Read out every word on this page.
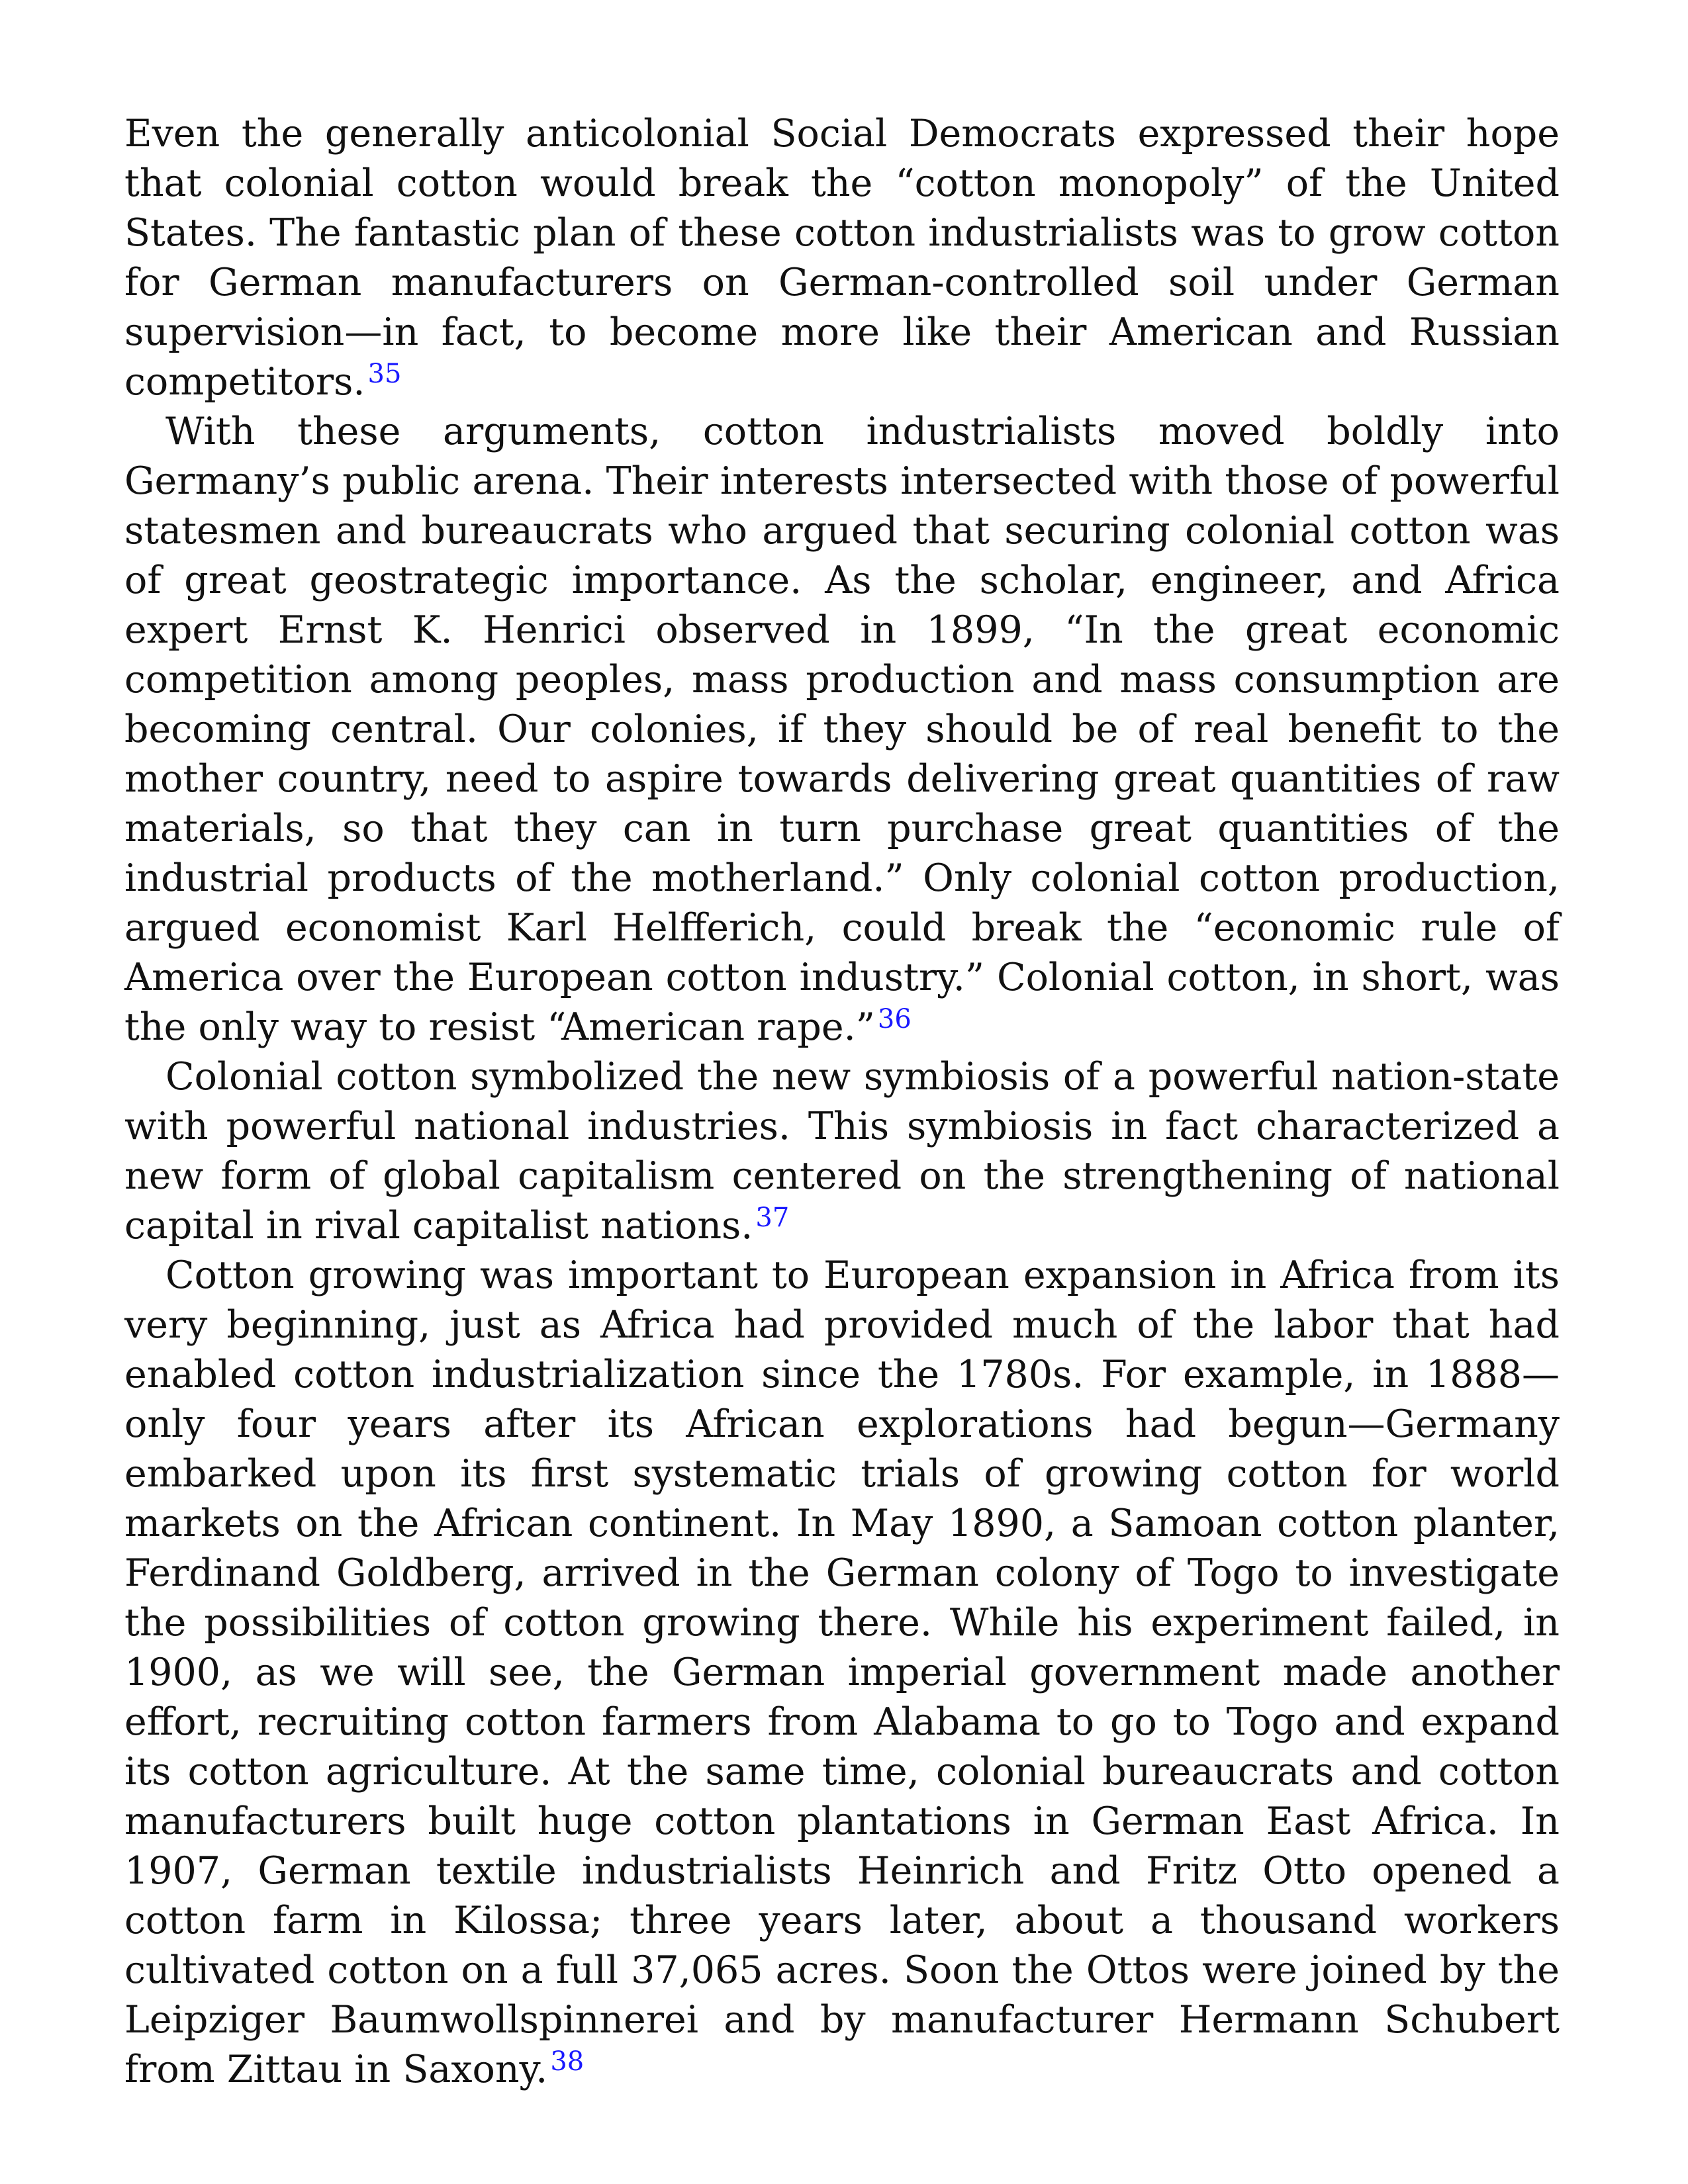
Even the generally anticolonial Social Democrats expressed their hope that colonial cotton would break the “cotton monopoly” of the United States. The fantastic plan of these cotton industrialists was to grow cotton for German manufacturers on German-controlled soil under German supervision—in fact, to become more like their American and Russian competitors. $^{35}$

With these arguments, cotton industrialists moved boldly into Germany’s public arena. Their interests intersected with those of powerful statesmen and bureaucrats who argued that securing colonial cotton was of great geostrategic importance. As the scholar, engineer, and Africa expert Ernst K. Henrici observed in 1899, “In the great economic competition among peoples, mass production and mass consumption are becoming central. Our colonies, if they should be of real benefit to the mother country, need to aspire towards delivering great quantities of raw materials, so that they can in turn purchase great quantities of the industrial products of the motherland.” Only colonial cotton production, argued economist Karl Helfferich, could break the “economic rule of America over the European cotton industry.” Colonial cotton, in short, was the only way to resist “American rape.” $^{36}$

Colonial cotton symbolized the new symbiosis of a powerful nation-state with powerful national industries. This symbiosis in fact characterized a new form of global capitalism centered on the strengthening of national capital in rival capitalist nations. $^{37}$

Cotton growing was important to European expansion in Africa from its very beginning, just as Africa had provided much of the labor that had enabled cotton industrialization since the 1780s. For example, in 1888—only four years after its African explorations had begun—Germany embarked upon its first systematic trials of growing cotton for world markets on the African continent. In May 1890, a Samoan cotton planter, Ferdinand Goldberg, arrived in the German colony of Togo to investigate the possibilities of cotton growing there. While his experiment failed, in 1900, as we will see, the German imperial government made another effort, recruiting cotton farmers from Alabama to go to Togo and expand its cotton agriculture. At the same time, colonial bureaucrats and cotton manufacturers built huge cotton plantations in German East Africa. In 1907, German textile industrialists Heinrich and Fritz Otto opened a cotton farm in Kilossa; three years later, about a thousand workers cultivated cotton on a full 37,065 acres. Soon the Ottos were joined by the Leipziger Baumwollspinnerei and by manufacturer Hermann Schubert from Zittau in Saxony. $^{38}$
